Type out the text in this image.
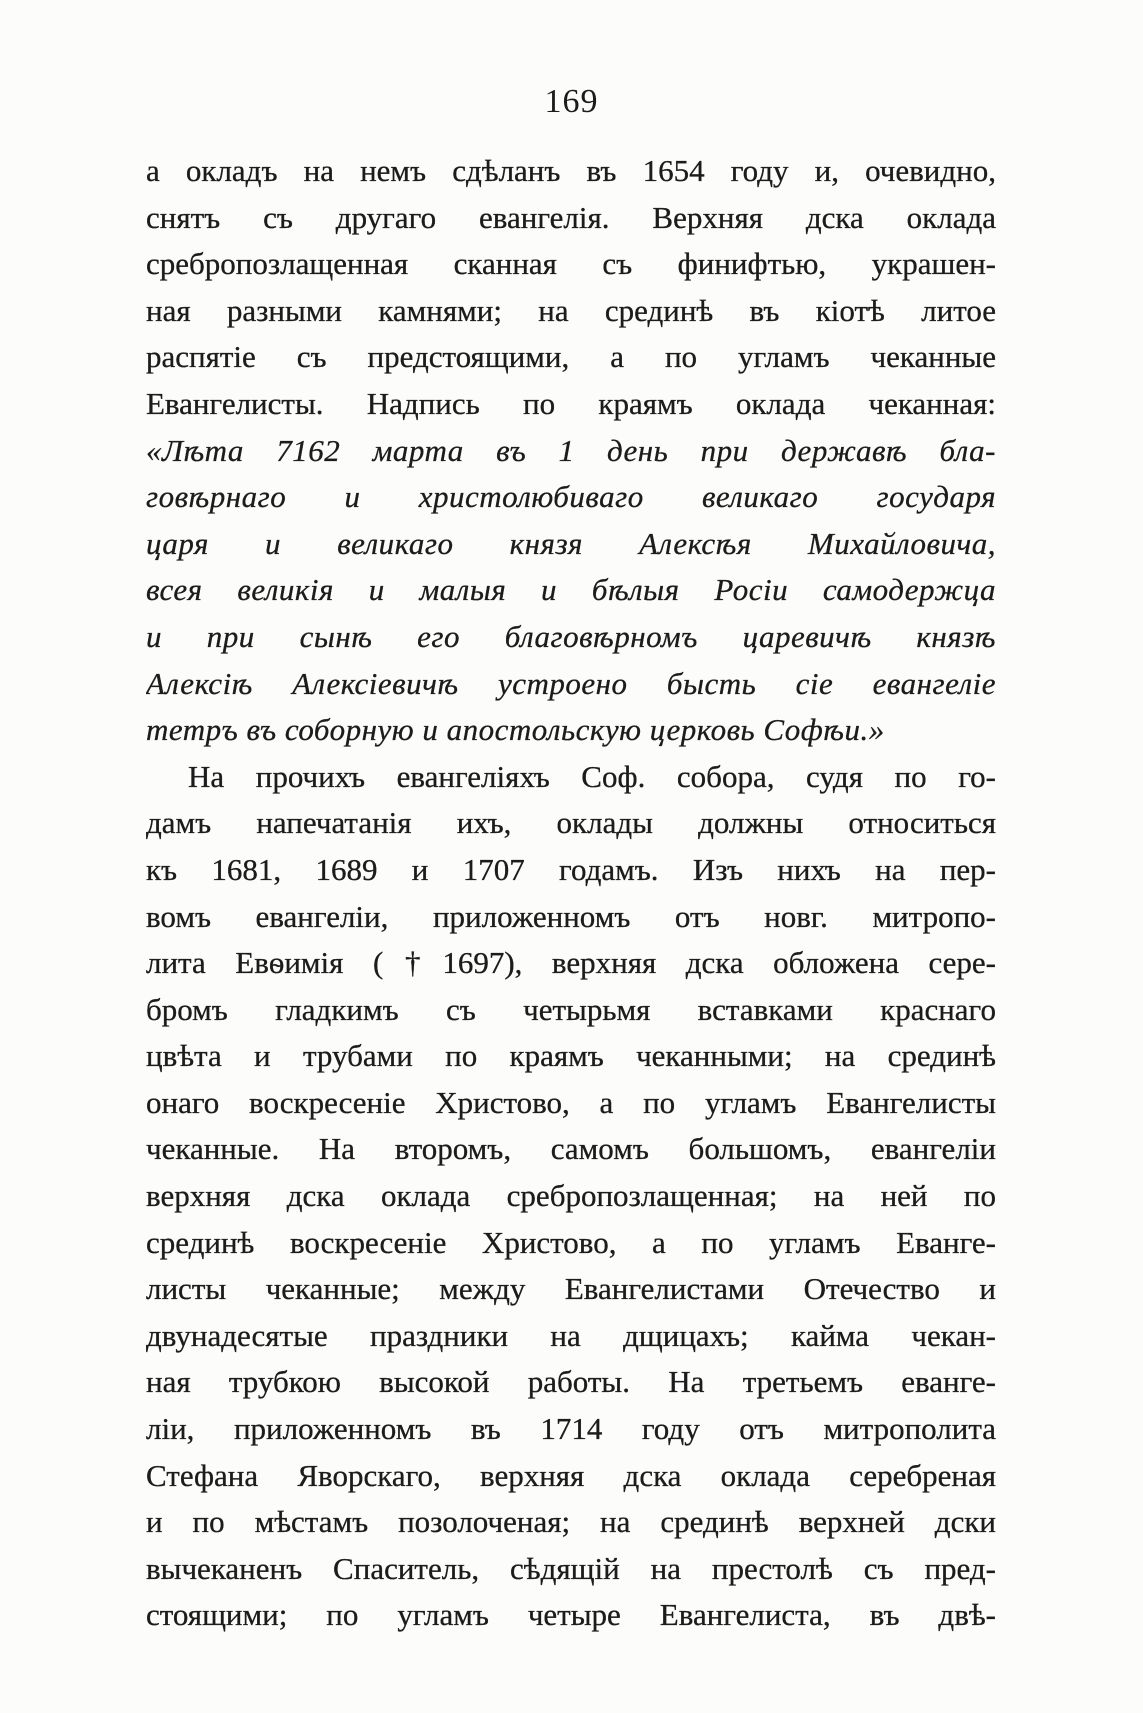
169
а окладъ на немъ сдѣланъ въ 1654 году и, очевидно,
снятъ съ другаго евангелія. Верхняя дска оклада
сребропозлащенная сканная съ финифтью, украшен-
ная разными камнями; на срединѣ въ кіотѣ литое
распятіе съ предстоящими, а по угламъ чеканные
Евангелисты. Надпись по краямъ оклада чеканная:
«Лѣта 7162 марта въ 1 день при державѣ бла-
говѣрнаго и христолюбиваго великаго государя
царя и великаго князя Алексѣя Михайловича,
всея великія и малыя и бѣлыя Росіи самодержца
и при сынѣ его благовѣрномъ царевичѣ князѣ
Алексіѣ Алексіевичѣ устроено бысть сіе евангеліе
тетръ въ соборную и апостольскую церковь Софѣи.»
На прочихъ евангеліяхъ Соф. собора, судя по го-
дамъ напечатанія ихъ, оклады должны относиться
къ 1681, 1689 и 1707 годамъ. Изъ нихъ на пер-
вомъ евангеліи, приложенномъ отъ новг. митропо-
лита Евѳимія (†1697), верхняя дска обложена сере-
бромъ гладкимъ съ четырьмя вставками краснаго
цвѣта и трубами по краямъ чеканными; на срединѣ
онаго воскресеніе Христово, а по угламъ Евангелисты
чеканные. На второмъ, самомъ большомъ, евангеліи
верхняя дска оклада сребропозлащенная; на ней по
срединѣ воскресеніе Христово, а по угламъ Еванге-
листы чеканные; между Евангелистами Отечество и
двунадесятые праздники на дщицахъ; кайма чекан-
ная трубкою высокой работы. На третьемъ еванге-
ліи, приложенномъ въ 1714 году отъ митрополита
Стефана Яворскаго, верхняя дска оклада серебреная
и по мѣстамъ позолоченая; на срединѣ верхней дски
вычеканенъ Спаситель, сѣдящій на престолѣ съ пред-
стоящими; по угламъ четыре Евангелиста, въ двѣ-
